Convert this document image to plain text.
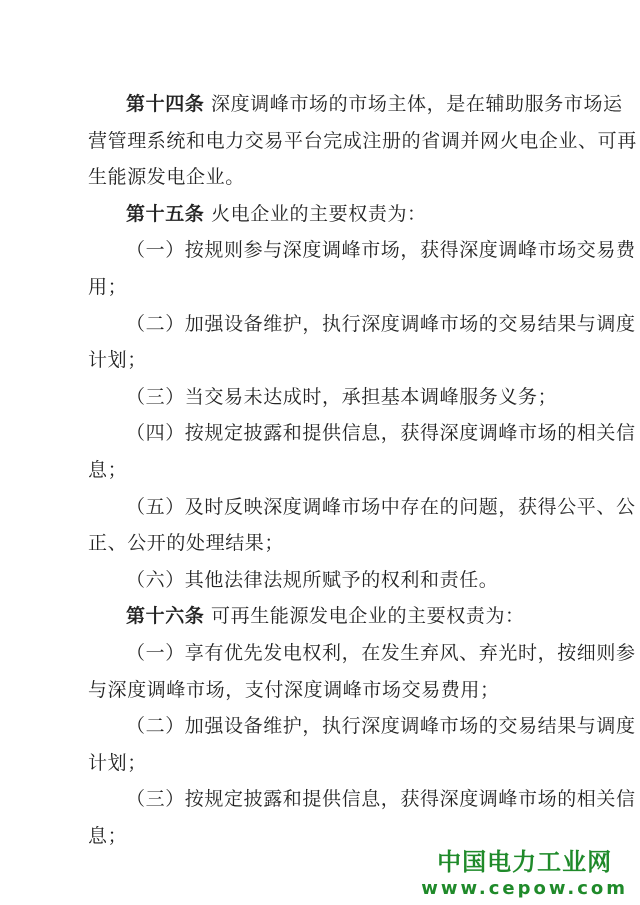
第十四条 深度调峰市场的市场主体，是在辅助服务市场运
营管理系统和电力交易平台完成注册的省调并网火电企业、可再
生能源发电企业。
第十五条 火电企业的主要权责为：
（一）按规则参与深度调峰市场，获得深度调峰市场交易费
用；
（二）加强设备维护，执行深度调峰市场的交易结果与调度
计划；
（三）当交易未达成时，承担基本调峰服务义务；
（四）按规定披露和提供信息，获得深度调峰市场的相关信
息；
（五）及时反映深度调峰市场中存在的问题，获得公平、公
正、公开的处理结果；
（六）其他法律法规所赋予的权利和责任。
第十六条 可再生能源发电企业的主要权责为：
（一）享有优先发电权利，在发生弃风、弃光时，按细则参
与深度调峰市场，支付深度调峰市场交易费用；
（二）加强设备维护，执行深度调峰市场的交易结果与调度
计划；
（三）按规定披露和提供信息，获得深度调峰市场的相关信
息；
中国电力工业网
www.cepow.com
